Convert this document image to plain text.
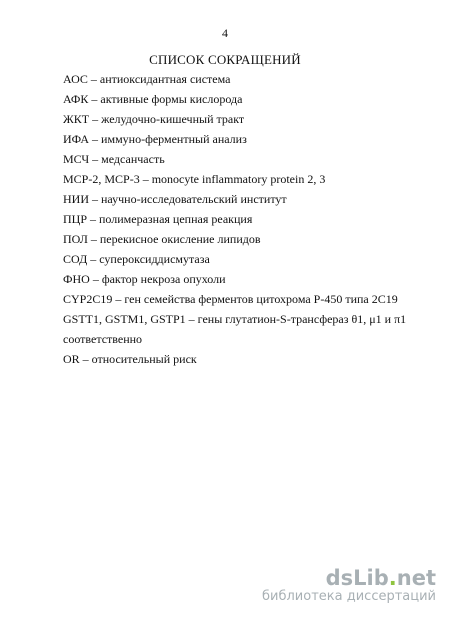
4
СПИСОК СОКРАЩЕНИЙ
АОС – антиоксидантная система
АФК – активные формы кислорода
ЖКТ – желудочно-кишечный тракт
ИФА – иммуно-ферментный анализ
МСЧ – медсанчасть
MCP-2, MCP-3 – monocyte inflammatory protein 2, 3
НИИ – научно-исследовательский институт
ПЦР – полимеразная цепная реакция
ПОЛ – перекисное окисление липидов
СОД – супероксиддисмутаза
ФНО – фактор некроза опухоли
CYP2C19 – ген семейства ферментов цитохрома Р-450 типа 2С19
GSTT1, GSTM1, GSTP1 – гены глутатион-S-трансфераз θ1, μ1 и π1
соответственно
OR – относительный риск
dsLib.net
библиотека диссертаций
